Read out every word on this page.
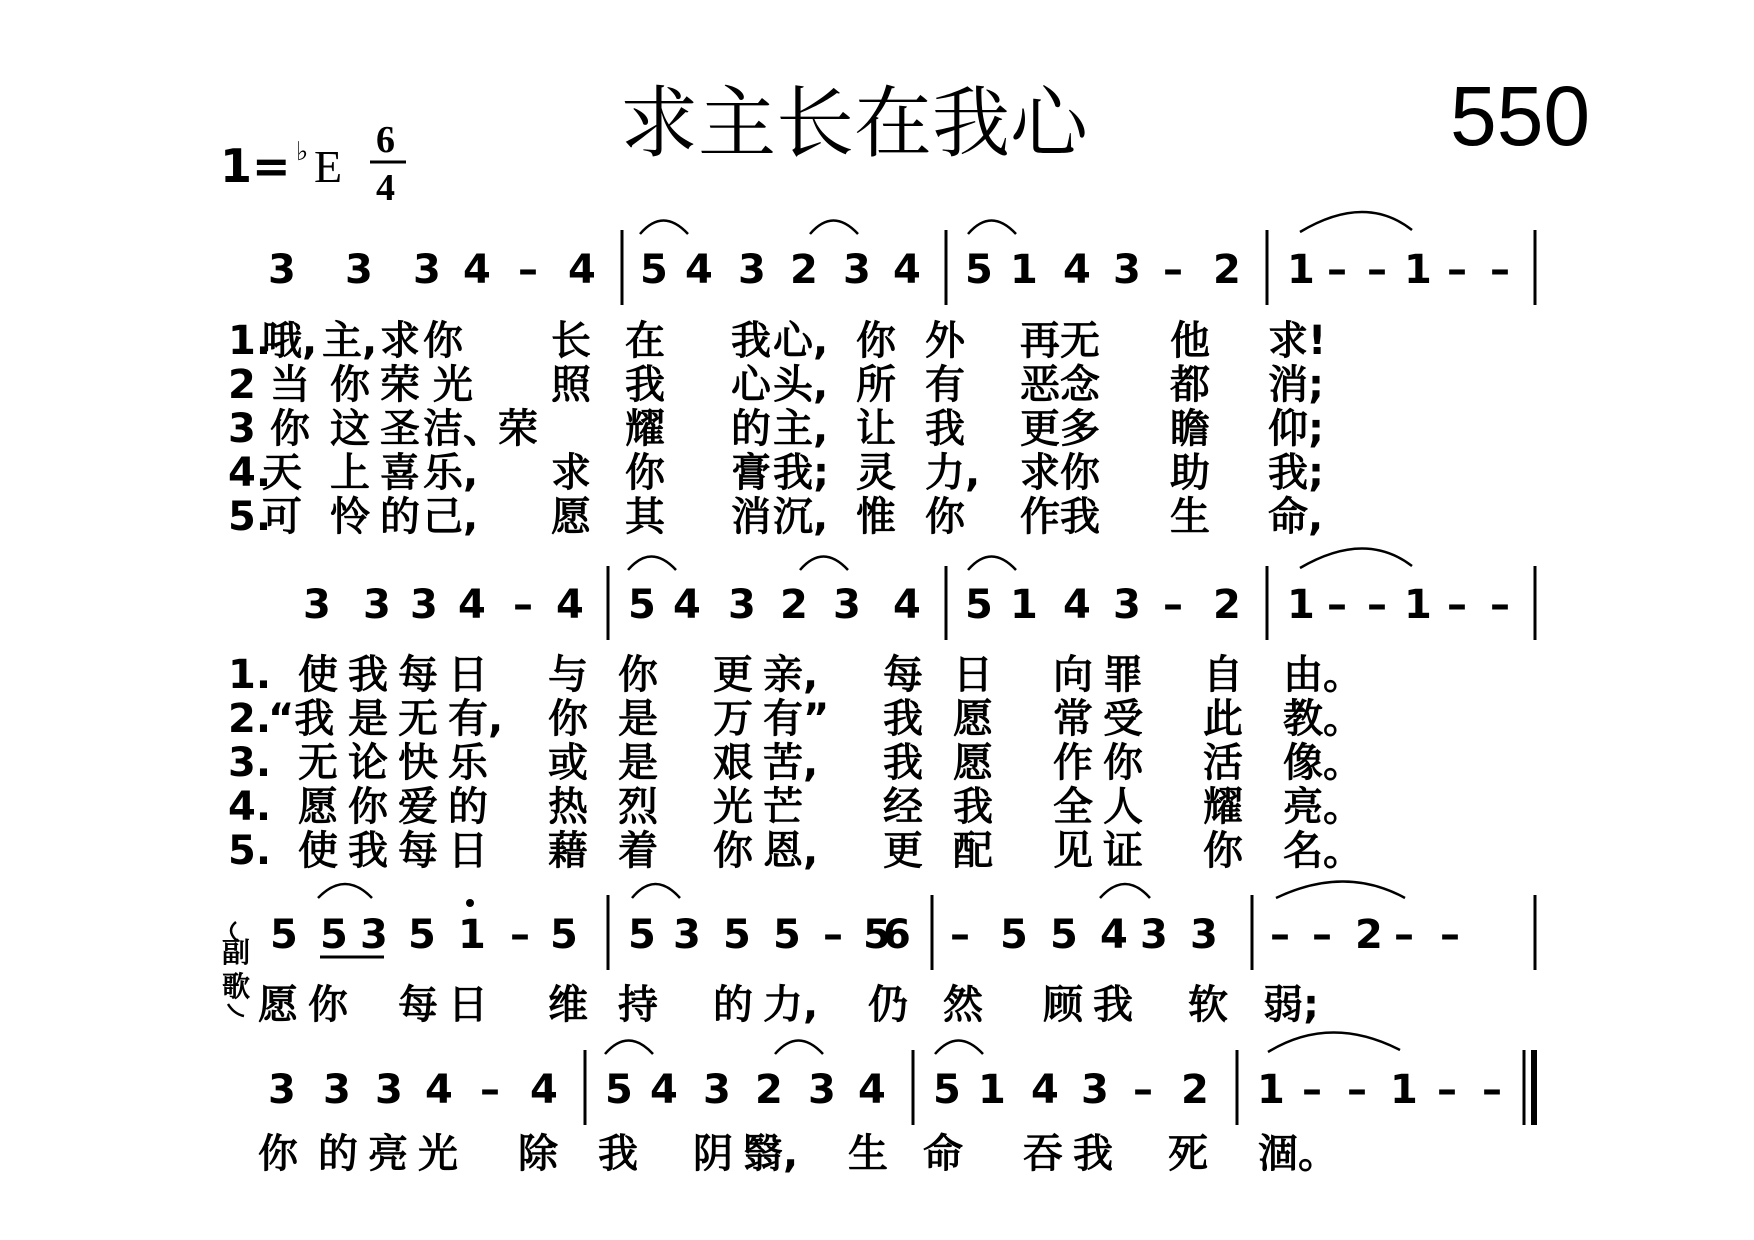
求主长在我心	550
1 = ♭ E
6
4
3 3 3 4 – 4 5 4 3 2 3 4 5 1 4 3 – 2 1 – – 1 – –
1.
哦, 主, 求 你 长 在 我 心, 你 外 再 无 他 求!
2 当 你 荣 光 照 我 心 头, 所 有 恶 念 都 消;
3 你 这 圣 洁、
荣 耀 的 主, 让 我 更 多 瞻 仰;
4.
天 上 喜 乐, 求 你 膏 我; 灵 力, 求 你 助 我;
5.
可 怜 的 己, 愿 其 消 沉, 惟 你 作 我 生 命,
3 3 3 4 – 4 5 4 3 2 3 4 5 1 4 3 – 2 1 – – 1 – –
1. 使 我 每 日 与 你 更 亲, 每 日 向 罪 自 由。
2.
“我 是 无 有, 你 是 万 有” 我 愿 常 受 此 教。
3. 无 论 快 乐 或 是 艰 苦, 我 愿 作 你 活 像。
4. 愿 你 爱 的 热 烈 光 芒 经 我 全 人 耀 亮。
5. 使 我 每 日 藉 着 你 恩, 更 配 见 证 你 名。
副
歌
5 5 3 5 1 – 5 5 3 5 5 – 5
6 – 5 5 4 3 3 – – 2 – –
愿 你 每 日 维 持 的 力, 仍 然 顾 我 软 弱;
3 3 3 4 – 4 5 4 3 2 3 4 5 1 4 3 – 2 1 – – 1 – –
你 的 亮 光 除 我 阴 翳, 生 命 吞 我 死 涸。
